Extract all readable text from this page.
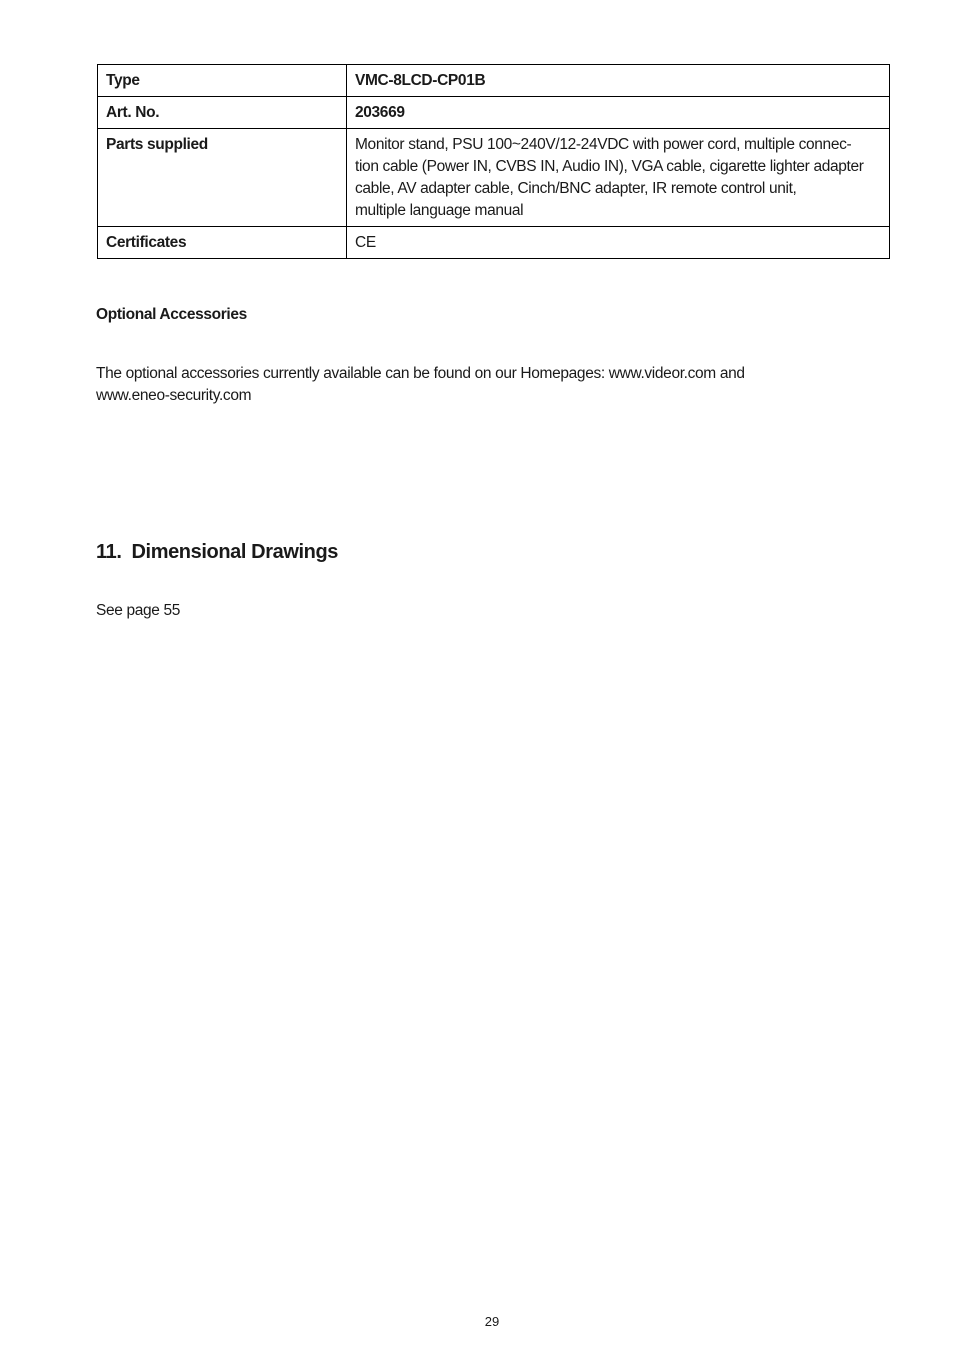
Type	VMC-8LCD-CP01B
Art. No.	203669
Parts supplied	Monitor stand, PSU 100~240V/12-24VDC with power cord, multiple connec-
tion cable (Power IN, CVBS IN, Audio IN), VGA cable, cigarette lighter adapter
cable, AV adapter cable, Cinch/BNC adapter, IR remote control unit,
multiple language manual
Certificates	CE
Optional Accessories

The optional accessories currently available can be found on our Homepages: www.videor.com and
www.eneo-security.com

11. Dimensional Drawings

See page 55

29
